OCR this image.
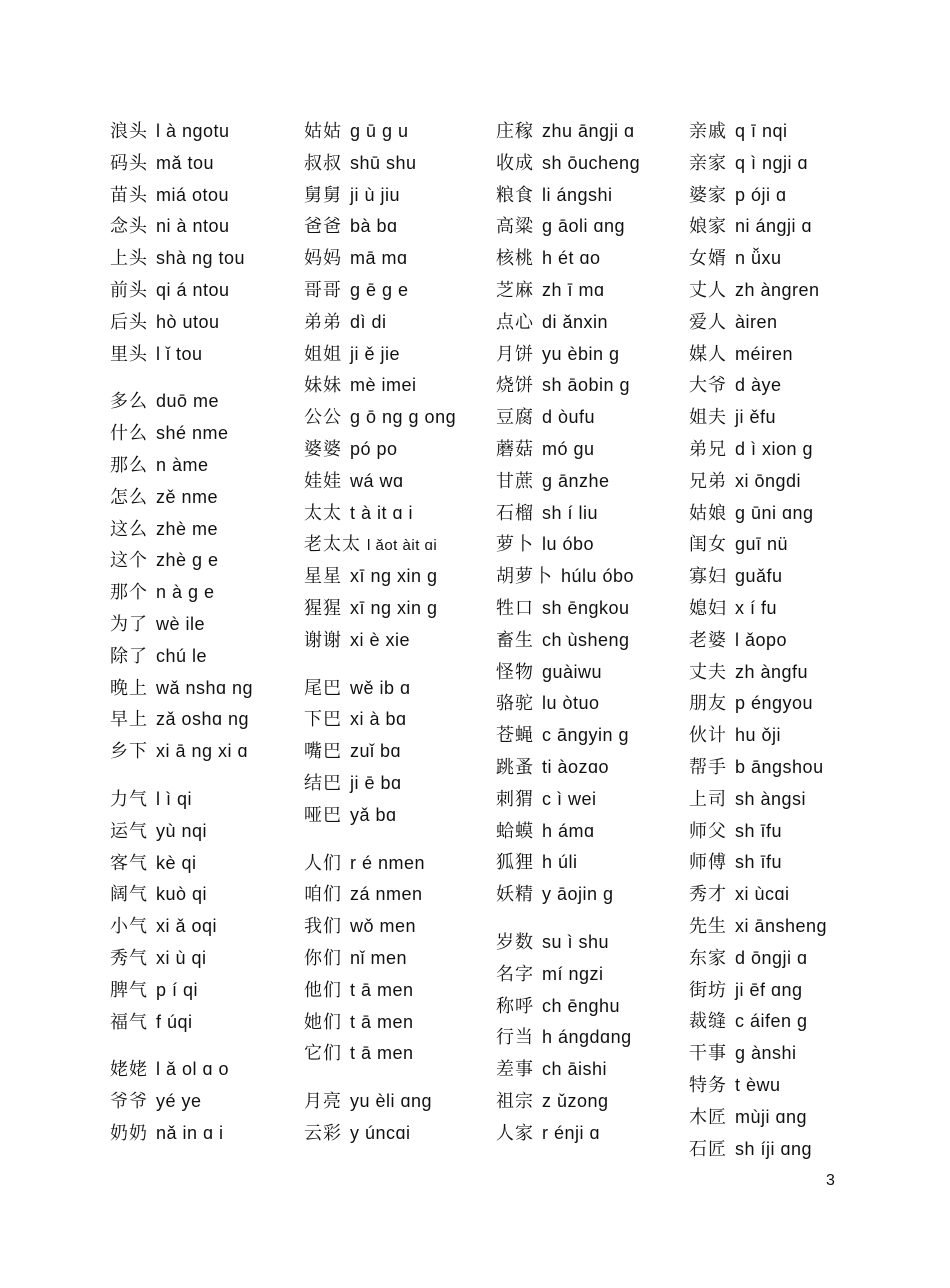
浪头 l à ngotu
码头 mǎ tou
苗头 miá otou
念头 ni à ntou
上头 shà ng tou
前头 qi á ntou
后头 hò utou
里头 l ǐ tou
多么 duō me
什么 shé nme
那么 n àme
怎么 zě nme
这么 zhè me
这个 zhè g e
那个 n à g e
为了 wè ile
除了 chú le
晚上 wǎ nshɑ ng
早上 zǎ oshɑ ng
乡下 xi ā ng xi ɑ
力气 l ì qi
运气 yù nqi
客气 kè qi
阔气 kuò qi
小气 xi ǎ oqi
秀气 xi ù qi
脾气 p í qi
福气 f úqi
姥姥 l ǎ ol ɑ o
爷爷 yé ye
奶奶 nǎ in ɑ i
姑姑 g ū g u
叔叔 shū shu
舅舅 ji ù jiu
爸爸 bà bɑ
妈妈 mā mɑ
哥哥 g ē g e
弟弟 dì di
姐姐 ji ě jie
妹妹 mè imei
公公 g ō ng g ong
婆婆 pó po
娃娃 wá wɑ
太太 t à it ɑ i
老太太 l ǎot àit ɑi
星星 xī ng xin g
猩猩 xī ng xin g
谢谢 xi è xie
尾巴 wě ib ɑ
下巴 xi à bɑ
嘴巴 zuǐ bɑ
结巴 ji ē bɑ
哑巴 yǎ bɑ
人们 r é nmen
咱们 zá nmen
我们 wǒ men
你们 nǐ men
他们 t ā men
她们 t ā men
它们 t ā men
月亮 yu èli ɑng
云彩 y úncɑi
庄稼 zhu āngji ɑ
收成 sh ōucheng
粮食 li ángshi
高粱 g āoli ɑng
核桃 h ét ɑo
芝麻 zh ī mɑ
点心 di ǎnxin
月饼 yu èbin g
烧饼 sh āobin g
豆腐 d òufu
蘑菇 mó gu
甘蔗 g ānzhe
石榴 sh í liu
萝卜 lu óbo
胡萝卜 húlu óbo
牲口 sh ēngkou
畜生 ch ùsheng
怪物 guàiwu
骆驼 lu òtuo
苍蝇 c āngyin g
跳蚤 ti àozɑo
刺猬 c ì wei
蛤蟆 h ámɑ
狐狸 h úli
妖精 y āojin g
岁数 su ì shu
名字 mí ngzi
称呼 ch ēnghu
行当 h ángdɑng
差事 ch āishi
祖宗 z ǔzong
人家 r énji ɑ
亲戚 q ī nqi
亲家 q ì ngji ɑ
婆家 p óji ɑ
娘家 ni ángji ɑ
女婿 n ǚxu
丈人 zh àngren
爱人 àiren
媒人 méiren
大爷 d àye
姐夫 ji ěfu
弟兄 d ì xion g
兄弟 xi ōngdi
姑娘 g ūni ɑng
闺女 guī nü
寡妇 guǎfu
媳妇 x í fu
老婆 l ǎopo
丈夫 zh àngfu
朋友 p éngyou
伙计 hu ǒji
帮手 b āngshou
上司 sh àngsi
师父 sh īfu
师傅 sh īfu
秀才 xi ùcɑi
先生 xi ānsheng
东家 d ōngji ɑ
街坊 ji ēf ɑng
裁缝 c áifen g
干事 g ànshi
特务 t èwu
木匠 mùji ɑng
石匠 sh íji ɑng
3
